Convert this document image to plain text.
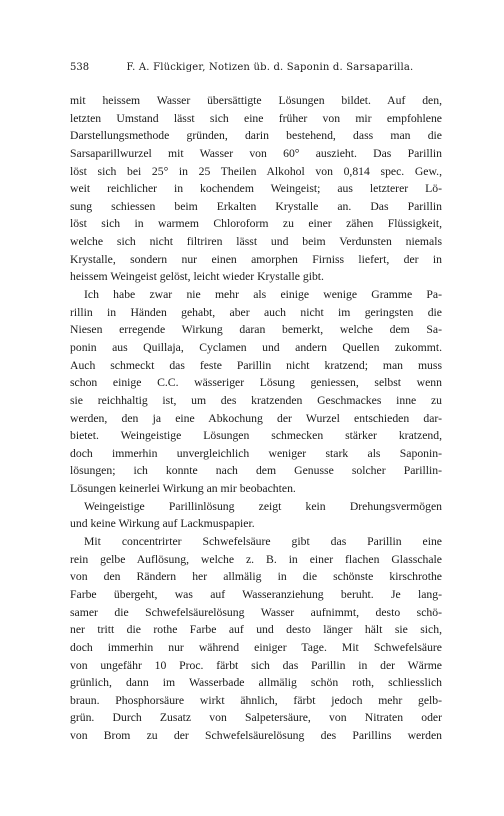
538	F. A. Flückiger, Notizen üb. d. Saponin d. Sarsaparilla.
mit heissem Wasser übersättigte Lösungen bildet. Auf den,
letzten Umstand lässt sich eine früher von mir empfohlene
Darstellungsmethode gründen, darin bestehend, dass man die
Sarsaparillwurzel mit Wasser von 60° auszieht. Das Parillin
löst sich bei 25° in 25 Theilen Alkohol von 0,814 spec. Gew.,
weit reichlicher in kochendem Weingeist; aus letzterer Lö-
sung schiessen beim Erkalten Krystalle an. Das Parillin
löst sich in warmem Chloroform zu einer zähen Flüssigkeit,
welche sich nicht filtriren lässt und beim Verdunsten niemals
Krystalle, sondern nur einen amorphen Firniss liefert, der in
heissem Weingeist gelöst, leicht wieder Krystalle gibt.
Ich habe zwar nie mehr als einige wenige Gramme Pa-
rillin in Händen gehabt, aber auch nicht im geringsten die
Niesen erregende Wirkung daran bemerkt, welche dem Sa-
ponin aus Quillaja, Cyclamen und andern Quellen zukommt.
Auch schmeckt das feste Parillin nicht kratzend; man muss
schon einige C.C. wässeriger Lösung geniessen, selbst wenn
sie reichhaltig ist, um des kratzenden Geschmackes inne zu
werden, den ja eine Abkochung der Wurzel entschieden dar-
bietet. Weingeistige Lösungen schmecken stärker kratzend,
doch immerhin unvergleichlich weniger stark als Saponin-
lösungen; ich konnte nach dem Genusse solcher Parillin-
Lösungen keinerlei Wirkung an mir beobachten.
Weingeistige Parillinlösung zeigt kein Drehungsvermögen
und keine Wirkung auf Lackmuspapier.
Mit concentrirter Schwefelsäure gibt das Parillin eine
rein gelbe Auflösung, welche z. B. in einer flachen Glasschale
von den Rändern her allmälig in die schönste kirschrothe
Farbe übergeht, was auf Wasseranziehung beruht. Je lang-
samer die Schwefelsäurelösung Wasser aufnimmt, desto schö-
ner tritt die rothe Farbe auf und desto länger hält sie sich,
doch immerhin nur während einiger Tage. Mit Schwefelsäure
von ungefähr 10 Proc. färbt sich das Parillin in der Wärme
grünlich, dann im Wasserbade allmälig schön roth, schliesslich
braun. Phosphorsäure wirkt ähnlich, färbt jedoch mehr gelb-
grün. Durch Zusatz von Salpetersäure, von Nitraten oder
von Brom zu der Schwefelsäurelösung des Parillins werden
